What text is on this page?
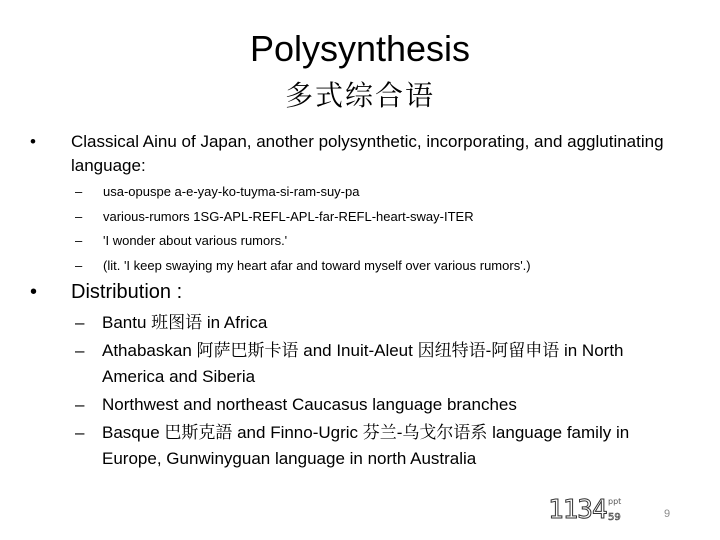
Polysynthesis
多式综合语
• Classical Ainu of Japan, another polysynthetic, incorporating, and agglutinating language:
– usa-opuspe a-e-yay-ko-tuyma-si-ram-suy-pa
– various-rumors 1SG-APL-REFL-APL-far-REFL-heart-sway-ITER
– 'I wonder about various rumors.'
– (lit. 'I keep swaying my heart afar and toward myself over various rumors'.)
• Distribution :
– Bantu 班图语 in Africa
– Athabaskan 阿萨巴斯卡语 and Inuit-Aleut 因纽特语-阿留申语 in North America and Siberia
– Northwest and northeast Caucasus language branches
– Basque 巴斯克語 and Finno-Ugric 芬兰-乌戈尔语系 language family in Europe, Gunwinyguan language in north Australia
1134 ppt
59	9
